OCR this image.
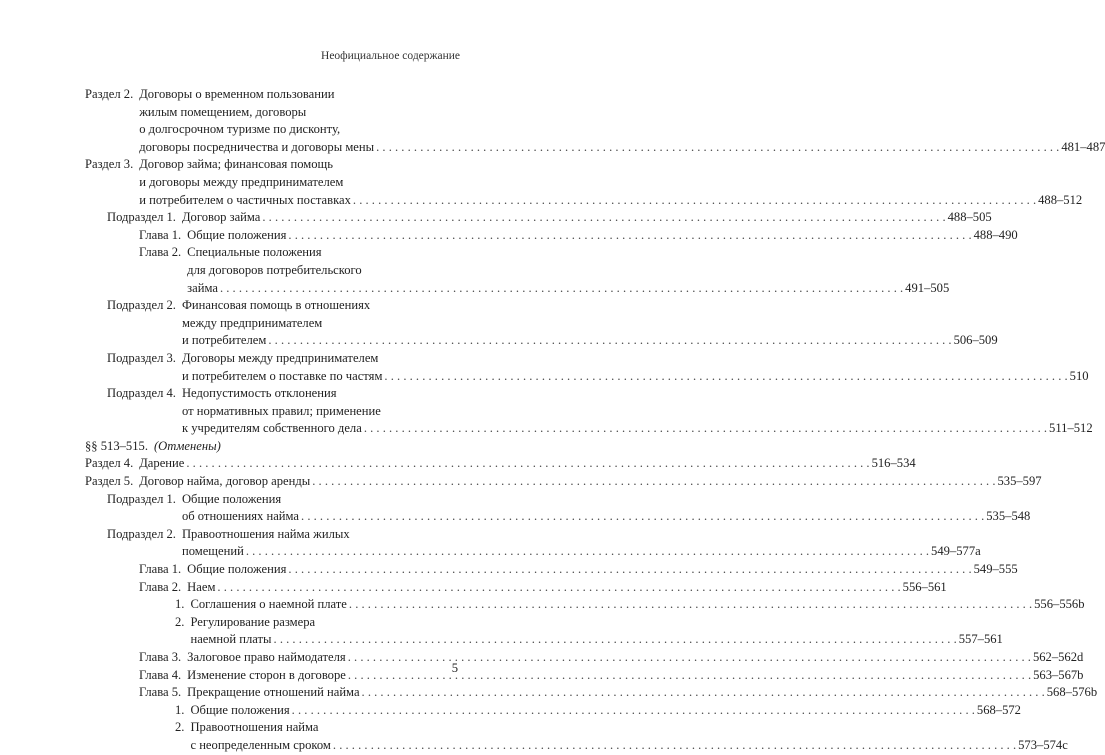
Неофициальное содержание
Раздел 2. Договоры о временном пользовании
жилым помещением, договоры
о долгосрочном туризме по дисконту,
договоры посредничества и договоры мены . . .	481–487
Раздел 3. Договор займа; финансовая помощь
и договоры между предпринимателем
и потребителем о частичных поставках . . .	488–512
Подраздел 1. Договор займа . . .	488–505
Глава 1. Общие положения . . .	488–490
Глава 2. Специальные положения
для договоров потребительского
займа . . .	491–505
Подраздел 2. Финансовая помощь в отношениях
между предпринимателем
и потребителем . . .	506–509
Подраздел 3. Договоры между предпринимателем
и потребителем о поставке по частям . . .	510
Подраздел 4. Недопустимость отклонения
от нормативных правил; применение
к учредителям собственного дела . . .	511–512
§§ 513–515. (Отменены)
Раздел 4. Дарение . . .	516–534
Раздел 5. Договор найма, договор аренды . . .	535–597
Подраздел 1. Общие положения
об отношениях найма . . .	535–548
Подраздел 2. Правоотношения найма жилых
помещений . . .	549–577a
Глава 1. Общие положения . . .	549–555
Глава 2. Наем . . .	556–561
1. Соглашения о наемной плате . . .	556–556b
2. Регулирование размера
наемной платы . . .	557–561
Глава 3. Залоговое право наймодателя . . .	562–562d
Глава 4. Изменение сторон в договоре . . .	563–567b
Глава 5. Прекращение отношений найма . . .	568–576b
1. Общие положения . . .	568–572
2. Правоотношения найма
с неопределенным сроком . . .	573–574c
5
